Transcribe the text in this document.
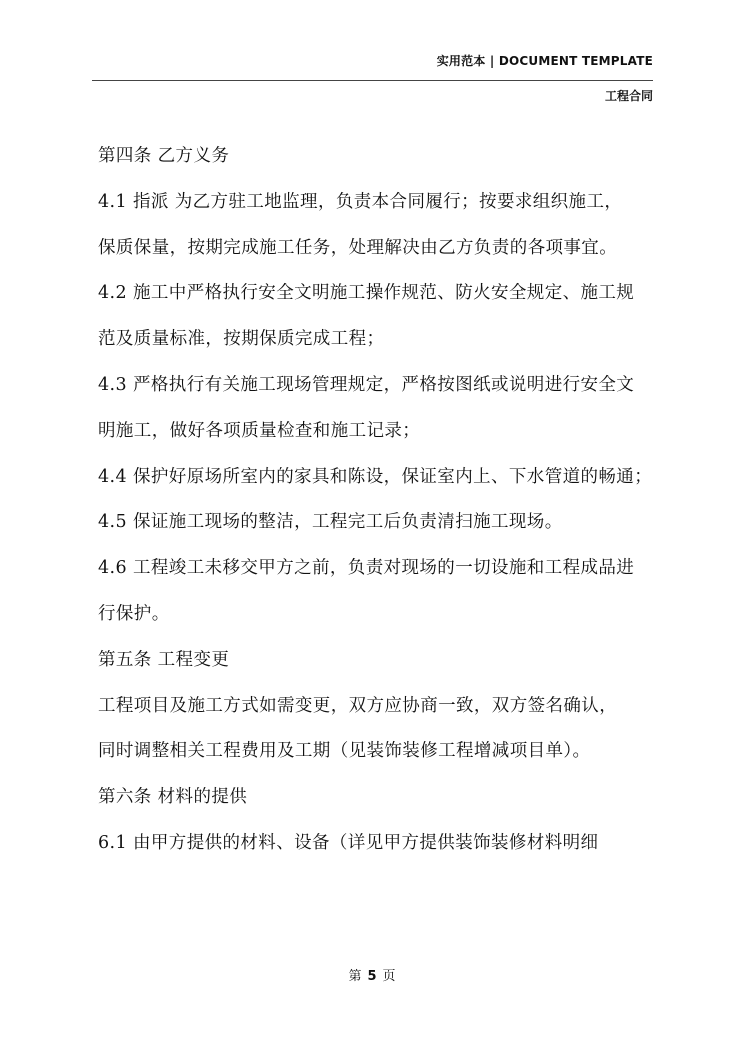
实用范本 | DOCUMENT TEMPLATE
工程合同
第四条 乙方义务
4.1 指派 为乙方驻工地监理，负责本合同履行；按要求组织施工，
保质保量，按期完成施工任务，处理解决由乙方负责的各项事宜。
4.2 施工中严格执行安全文明施工操作规范、防火安全规定、施工规
范及质量标准，按期保质完成工程；
4.3 严格执行有关施工现场管理规定，严格按图纸或说明进行安全文
明施工，做好各项质量检查和施工记录；
4.4 保护好原场所室内的家具和陈设，保证室内上、下水管道的畅通；
4.5 保证施工现场的整洁，工程完工后负责清扫施工现场。
4.6 工程竣工未移交甲方之前，负责对现场的一切设施和工程成品进
行保护。
第五条 工程变更
工程项目及施工方式如需变更，双方应协商一致，双方签名确认，
同时调整相关工程费用及工期（见装饰装修工程增减项目单）。
第六条 材料的提供
6.1 由甲方提供的材料、设备（详见甲方提供装饰装修材料明细
第 5 页
